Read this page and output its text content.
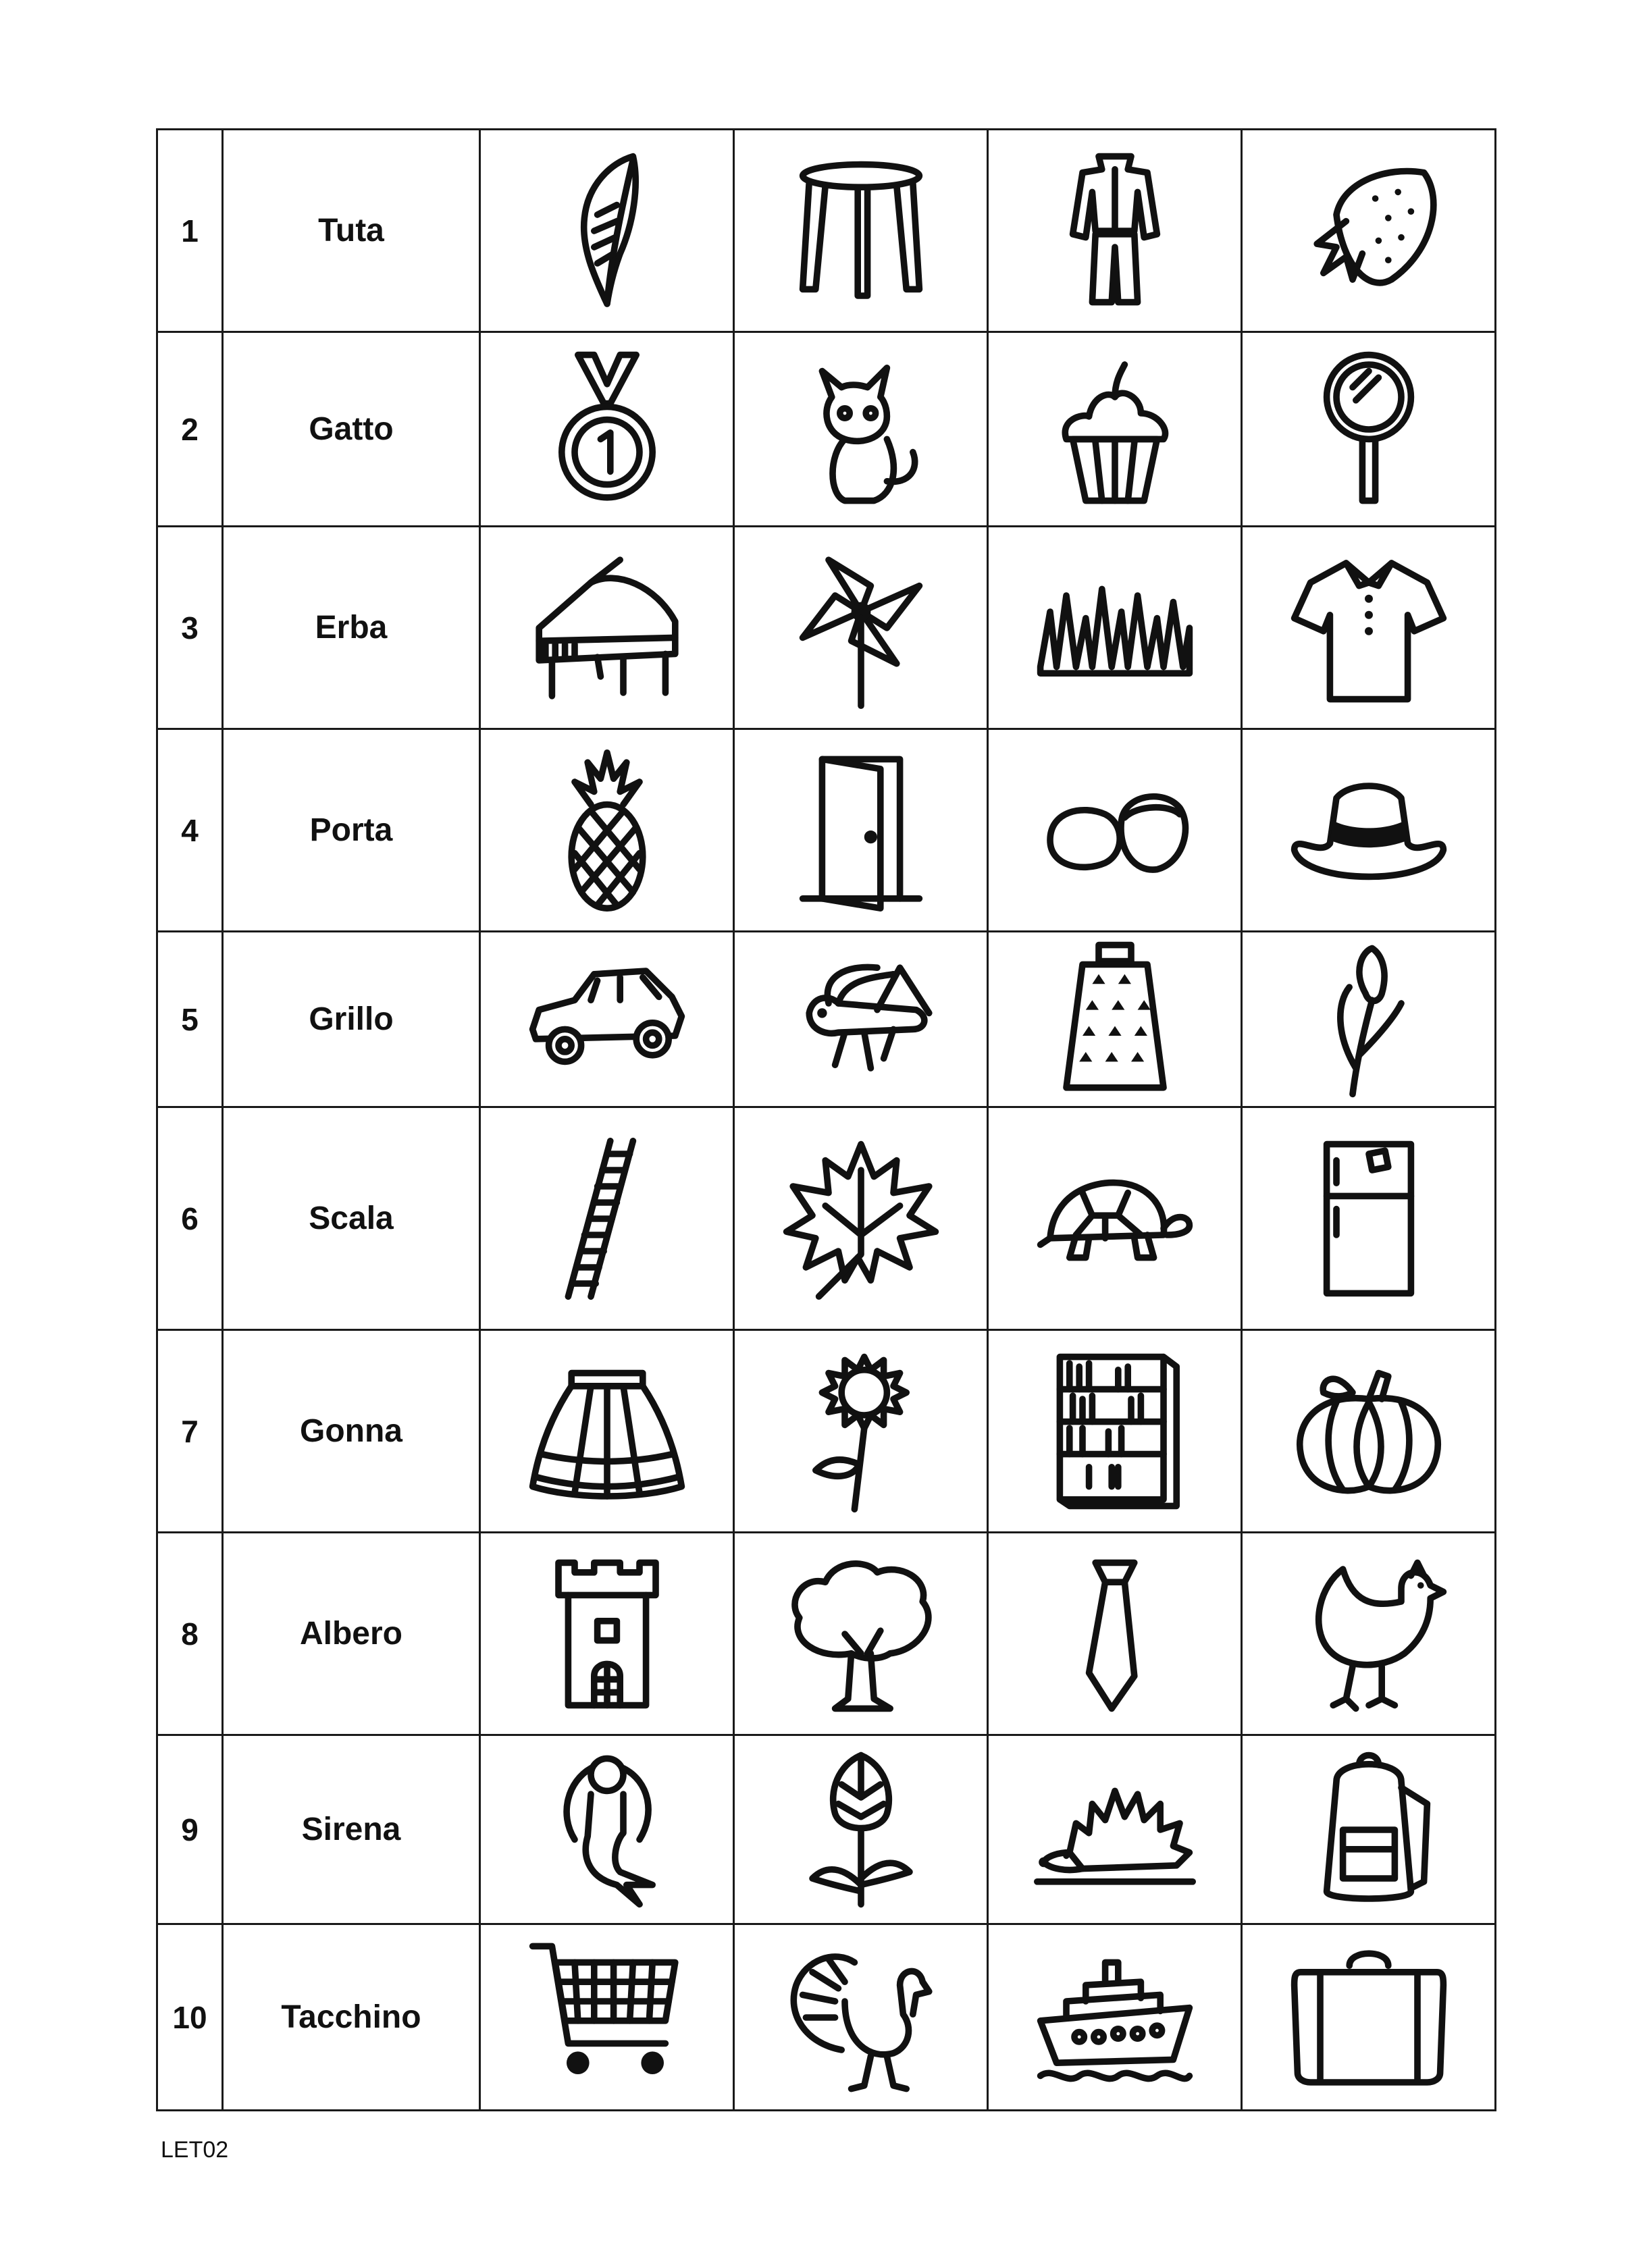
1	Tuta	

2	Gatto	

3	Erba	

4	Porta	

5	Grillo	

6	Scala	

7	Gonna	

8	Albero	

9	Sirena	

10	Tacchino	

LET02
